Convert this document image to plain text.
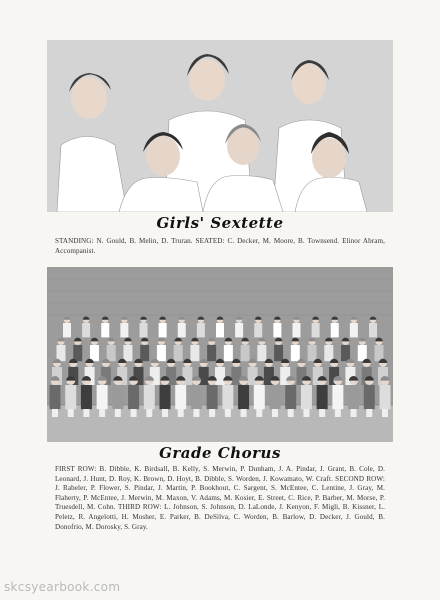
Girls' Sextette
STANDING: N. Gould, B. Melin, D. Truran. SEATED: C. Decker, M. Moore, B. Townsend. Elinor Abram, Accompanist.
Grade Chorus
FIRST ROW: B. Dibble, K. Birdsall, B. Kelly, S. Merwin, P. Dunham, J. A. Pindar, J. Grant, B. Cole, D. Leonard, J. Hunt, D. Roy, K. Brown, D. Hoyt, B. Dibble, S. Worden, J. Kowamato, W. Craft. SECOND ROW: J. Rabeler, P. Flower, S. Pindar, J. Martin, P. Bookhout, C. Sargent, S. McEntee, C. Lentine, J. Gray, M. Flaherty, P. McEntee, J. Merwin, M. Maxon, V. Adams, M. Kosier, E. Street, C. Rice, P. Barber, M. Morse, P. Truesdell, M. Cohn. THIRD ROW: L. Johnson, S. Johnson, D. LaLonde, J. Kenyon, F. Migli, B. Kissner, L. Peletz, R. Angelotti, H. Mosher, E. Parker, B. DeSilva, C. Worden, B. Barlow, D. Decker, J. Gould, B. Donofrio, M. Dorosky, S. Gray.
skcsyearbook.com
